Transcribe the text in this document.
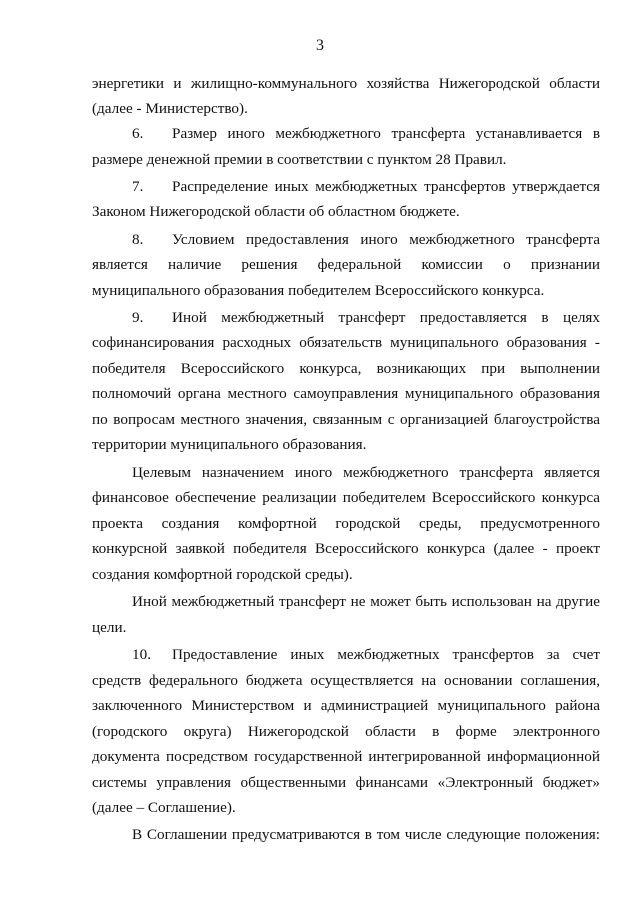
3
энергетики и жилищно-коммунального хозяйства Нижегородской области
(далее - Министерство).
6. Размер иного межбюджетного трансферта устанавливается в
размере денежной премии в соответствии с пунктом 28 Правил.
7. Распределение иных межбюджетных трансфертов утверждается
Законом Нижегородской области об областном бюджете.
8. Условием предоставления иного межбюджетного трансферта
является наличие решения федеральной комиссии о признании
муниципального образования победителем Всероссийского конкурса.
9. Иной межбюджетный трансферт предоставляется в целях
софинансирования расходных обязательств муниципального образования -
победителя Всероссийского конкурса, возникающих при выполнении
полномочий органа местного самоуправления муниципального образования
по вопросам местного значения, связанным с организацией благоустройства
территории муниципального образования.
Целевым назначением иного межбюджетного трансферта является
финансовое обеспечение реализации победителем Всероссийского конкурса
проекта создания комфортной городской среды, предусмотренного
конкурсной заявкой победителя Всероссийского конкурса (далее - проект
создания комфортной городской среды).
Иной межбюджетный трансферт не может быть использован на другие
цели.
10. Предоставление иных межбюджетных трансфертов за счет
средств федерального бюджета осуществляется на основании соглашения,
заключенного Министерством и администрацией муниципального района
(городского округа) Нижегородской области в форме электронного
документа посредством государственной интегрированной информационной
системы управления общественными финансами «Электронный бюджет»
(далее – Соглашение).
В Соглашении предусматриваются в том числе следующие положения:
